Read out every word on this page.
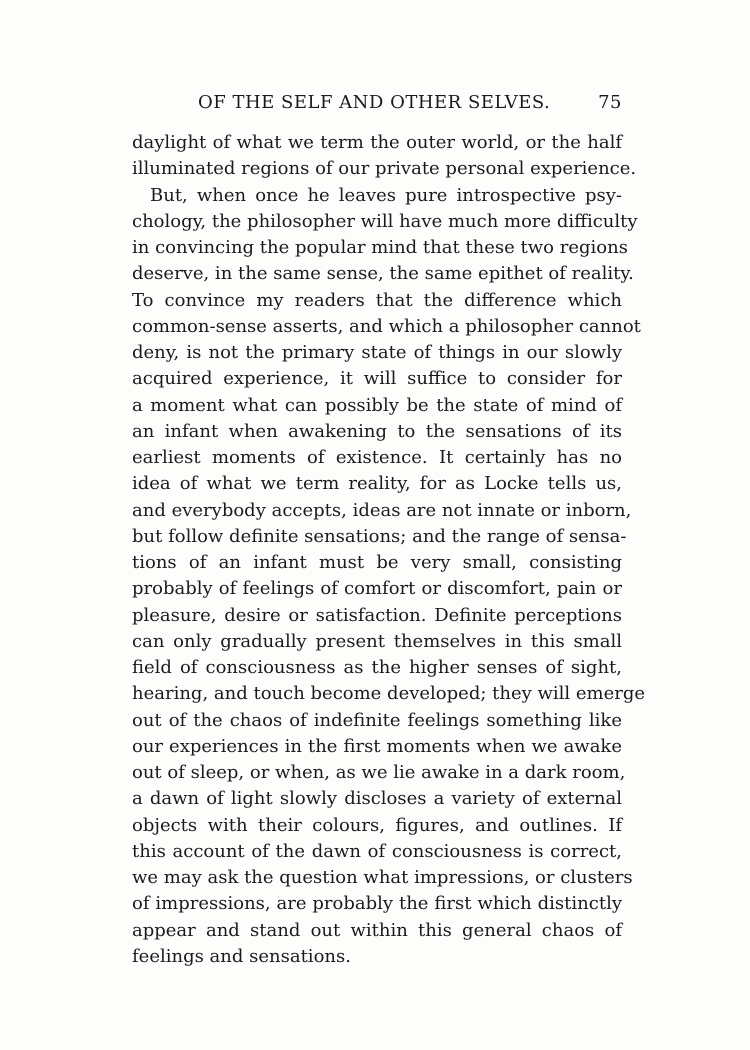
OF THE SELF AND OTHER SELVES.	75
daylight of what we term the outer world, or the half
illuminated regions of our private personal experience.
But, when once he leaves pure introspective psy-
chology, the philosopher will have much more difficulty
in convincing the popular mind that these two regions
deserve, in the same sense, the same epithet of reality.
To convince my readers that the difference which
common-sense asserts, and which a philosopher cannot
deny, is not the primary state of things in our slowly
acquired experience, it will suffice to consider for
a moment what can possibly be the state of mind of
an infant when awakening to the sensations of its
earliest moments of existence. It certainly has no
idea of what we term reality, for as Locke tells us,
and everybody accepts, ideas are not innate or inborn,
but follow definite sensations; and the range of sensa-
tions of an infant must be very small, consisting
probably of feelings of comfort or discomfort, pain or
pleasure, desire or satisfaction. Definite perceptions
can only gradually present themselves in this small
field of consciousness as the higher senses of sight,
hearing, and touch become developed; they will emerge
out of the chaos of indefinite feelings something like
our experiences in the first moments when we awake
out of sleep, or when, as we lie awake in a dark room,
a dawn of light slowly discloses a variety of external
objects with their colours, figures, and outlines. If
this account of the dawn of consciousness is correct,
we may ask the question what impressions, or clusters
of impressions, are probably the first which distinctly
appear and stand out within this general chaos of
feelings and sensations.
